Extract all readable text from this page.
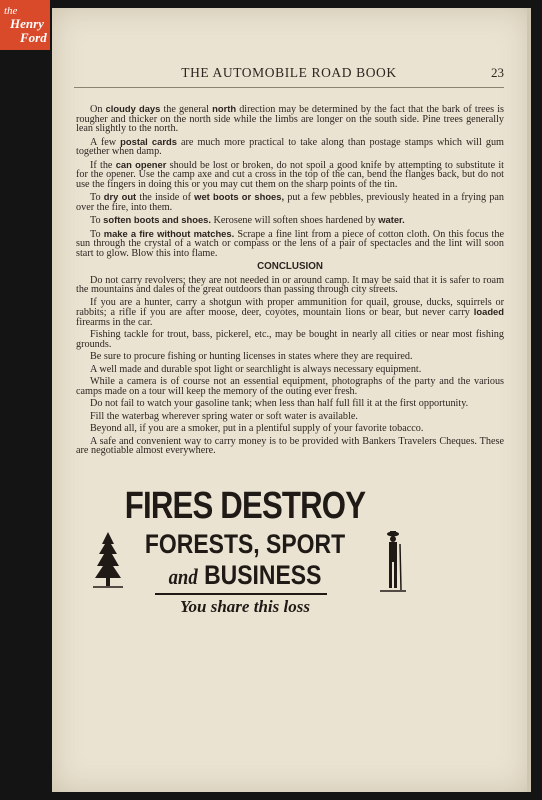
the
Henry
Ford
THE AUTOMOBILE ROAD BOOK	23

On cloudy days the general north direction may be determined by the fact that the bark of trees is rougher and thicker on the north side while the limbs are longer on the south side. Pine trees generally lean slightly to the north.

A few postal cards are much more practical to take along than postage stamps which will gum together when damp.

If the can opener should be lost or broken, do not spoil a good knife by attempting to substitute it for the opener. Use the camp axe and cut a cross in the top of the can, bend the flanges back, but do not use the fingers in doing this or you may cut them on the sharp points of the tin.

To dry out the inside of wet boots or shoes, put a few pebbles, previously heated in a frying pan over the fire, into them.

To soften boots and shoes. Kerosene will soften shoes hardened by water.

To make a fire without matches. Scrape a fine lint from a piece of cotton cloth. On this focus the sun through the crystal of a watch or compass or the lens of a pair of spectacles and the lint will soon start to glow. Blow this into flame.

CONCLUSION

Do not carry revolvers; they are not needed in or around camp. It may be said that it is safer to roam the mountains and dales of the great outdoors than passing through city streets.

If you are a hunter, carry a shotgun with proper ammunition for quail, grouse, ducks, squirrels or rabbits; a rifle if you are after moose, deer, coyotes, mountain lions or bear, but never carry loaded firearms in the car.

Fishing tackle for trout, bass, pickerel, etc., may be bought in nearly all cities or near most fishing grounds.

Be sure to procure fishing or hunting licenses in states where they are required.

A well made and durable spot light or searchlight is always necessary equipment.

While a camera is of course not an essential equipment, photographs of the party and the various camps made on a tour will keep the memory of the outing ever fresh.

Do not fail to watch your gasoline tank; when less than half full fill it at the first opportunity.

Fill the waterbag wherever spring water or soft water is available.

Beyond all, if you are a smoker, put in a plentiful supply of your favorite tobacco.

A safe and convenient way to carry money is to be provided with Bankers Travelers Cheques. These are negotiable almost everywhere.

FIRES DESTROY
FORESTS, SPORT
and BUSINESS
You share this loss
